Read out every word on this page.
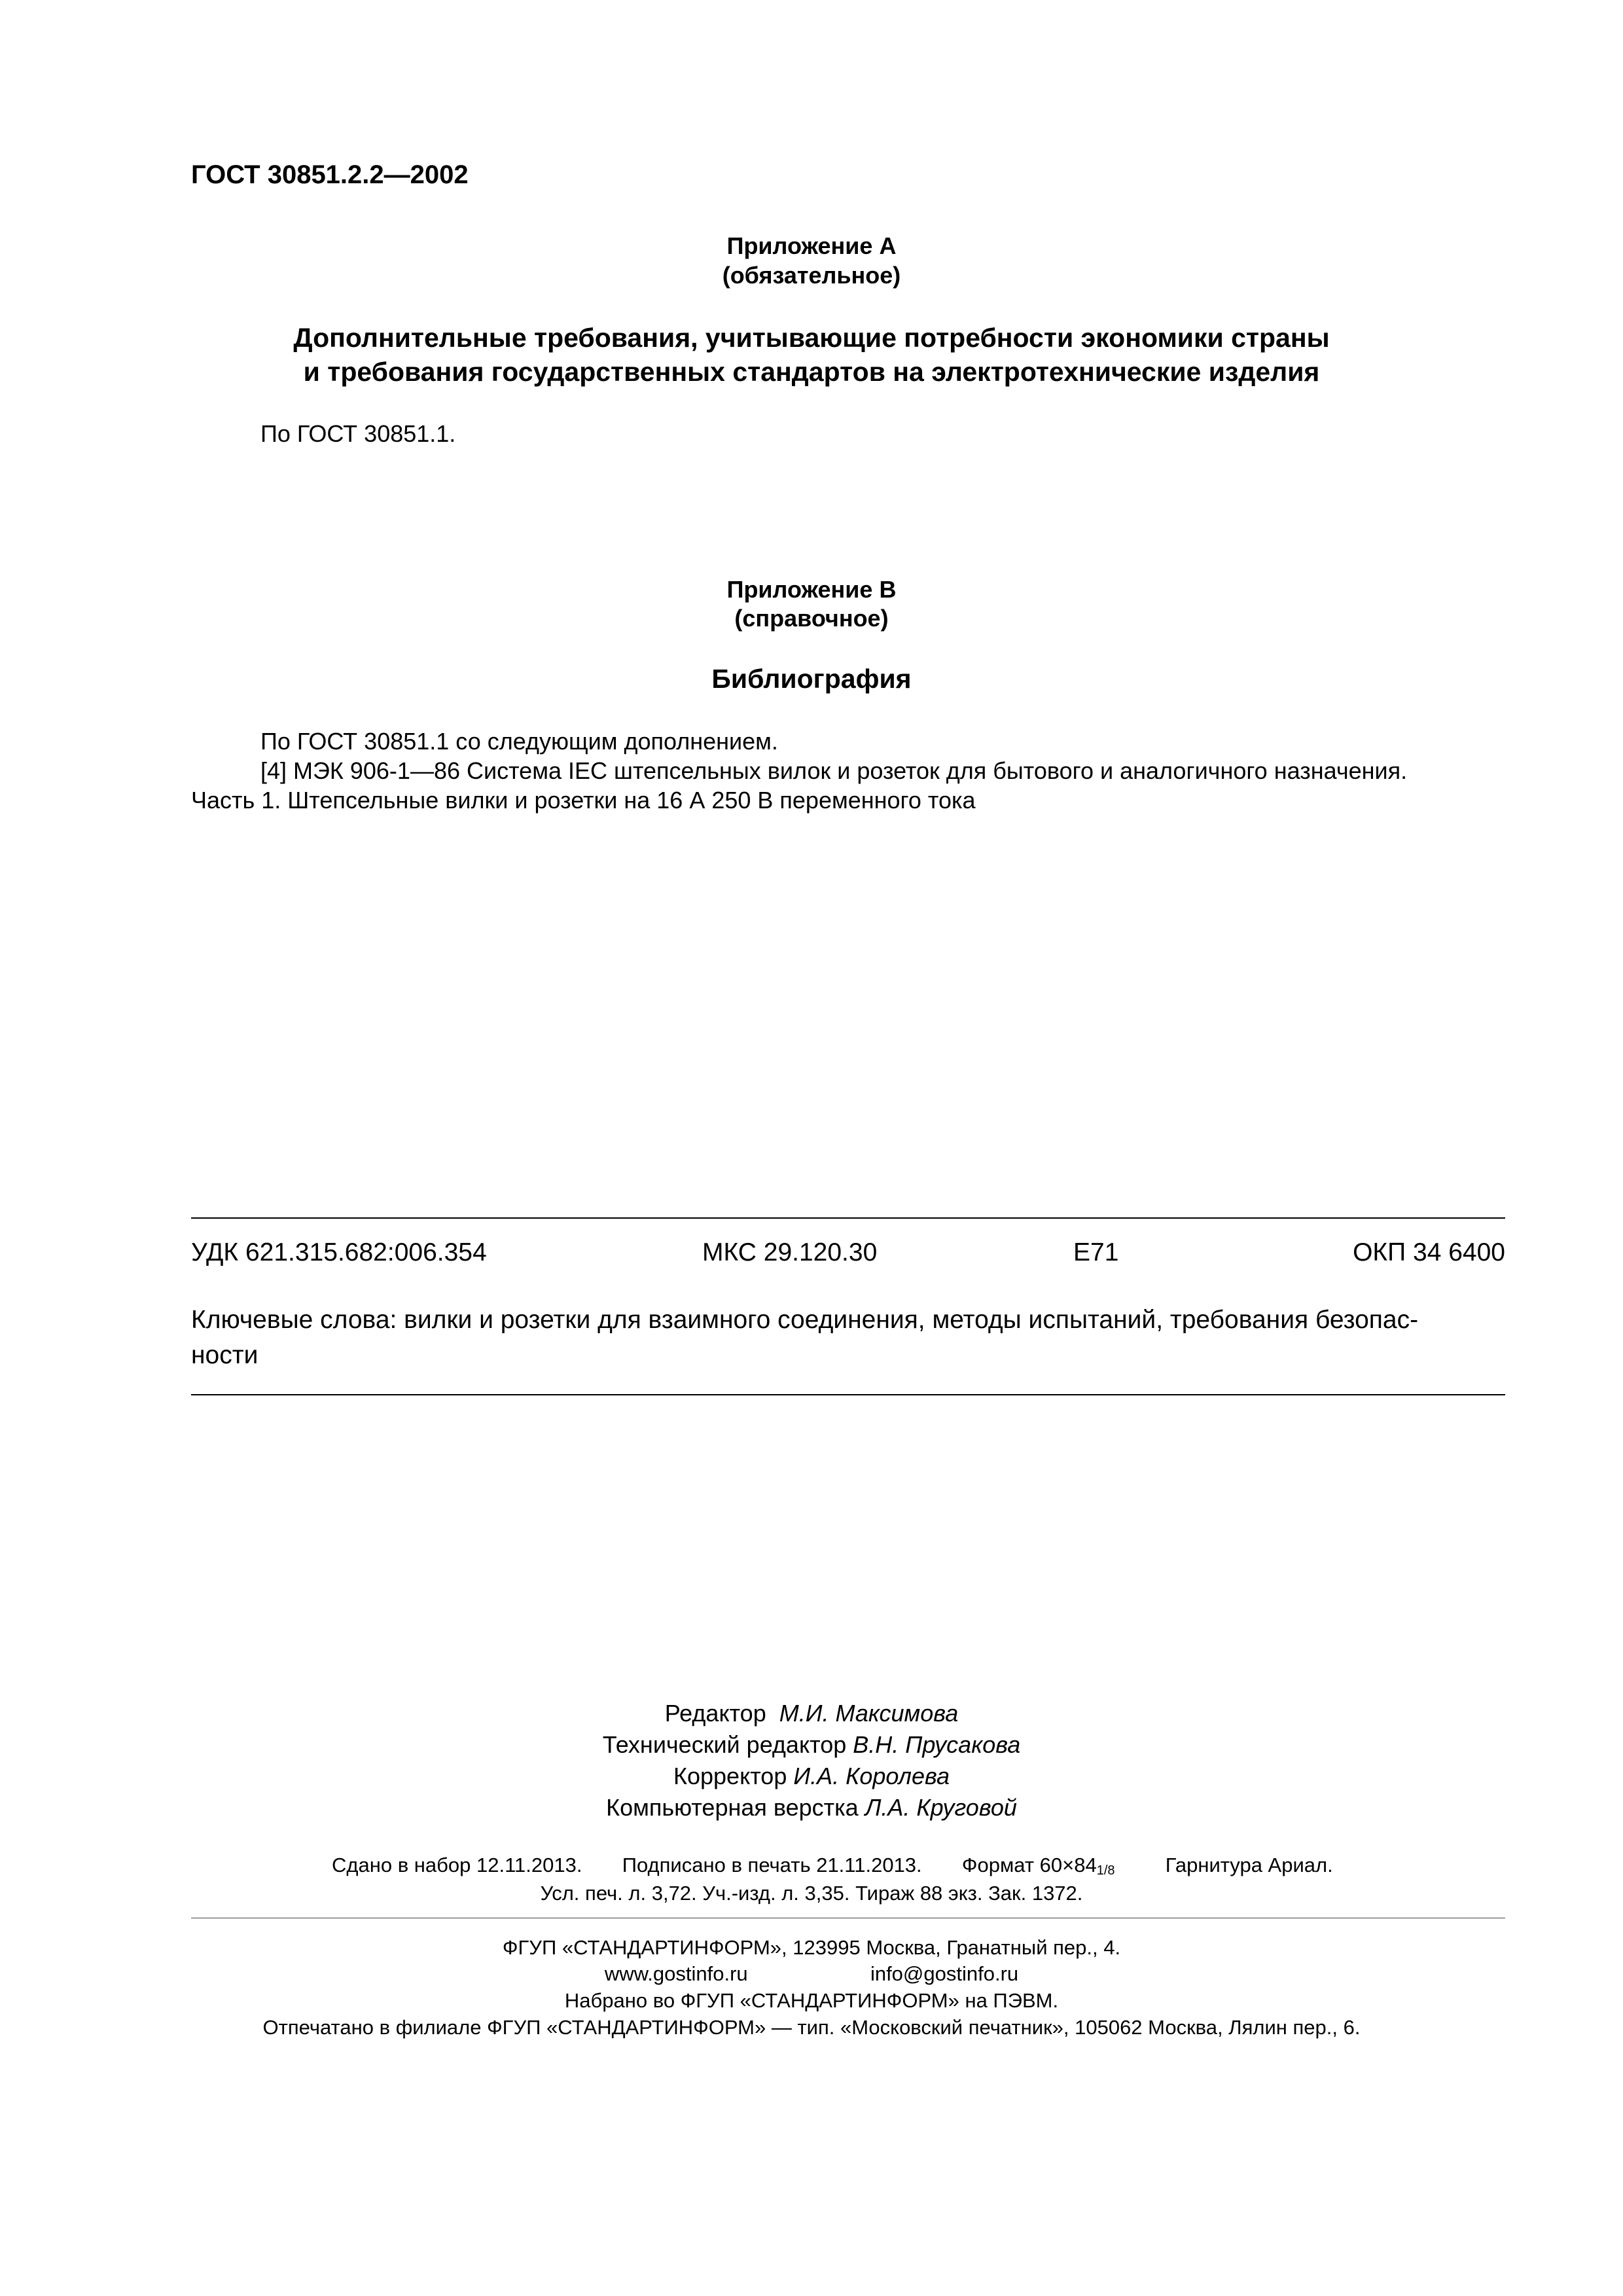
ГОСТ 30851.2.2—2002
Приложение А
(обязательное)
Дополнительные требования, учитывающие потребности экономики страны
и требования государственных стандартов на электротехнические изделия
По ГОСТ 30851.1.
Приложение В
(справочное)
Библиография
По ГОСТ 30851.1 со следующим дополнением.
[4] МЭК 906-1—86 Система IEC штепсельных вилок и розеток для бытового и аналогичного назначения.
Часть 1. Штепсельные вилки и розетки на 16 А 250 В переменного тока
УДК 621.315.682:006.354	МКС 29.120.30	Е71	ОКП 34 6400
Ключевые слова: вилки и розетки для взаимного соединения, методы испытаний, требования безопас-
ности
Редактор М.И. Максимова
Технический редактор В.Н. Прусакова
Корректор И.А. Королева
Компьютерная верстка Л.А. Круговой
Сдано в набор 12.11.2013. Подписано в печать 21.11.2013. Формат 60×841/8 Гарнитура Ариал.
Усл. печ. л. 3,72. Уч.-изд. л. 3,35. Тираж 88 экз. Зак. 1372.
ФГУП «СТАНДАРТИНФОРМ», 123995 Москва, Гранатный пер., 4.
www.gostinfo.ru	info@gostinfo.ru
Набрано во ФГУП «СТАНДАРТИНФОРМ» на ПЭВМ.
Отпечатано в филиале ФГУП «СТАНДАРТИНФОРМ» — тип. «Московский печатник», 105062 Москва, Лялин пер., 6.
